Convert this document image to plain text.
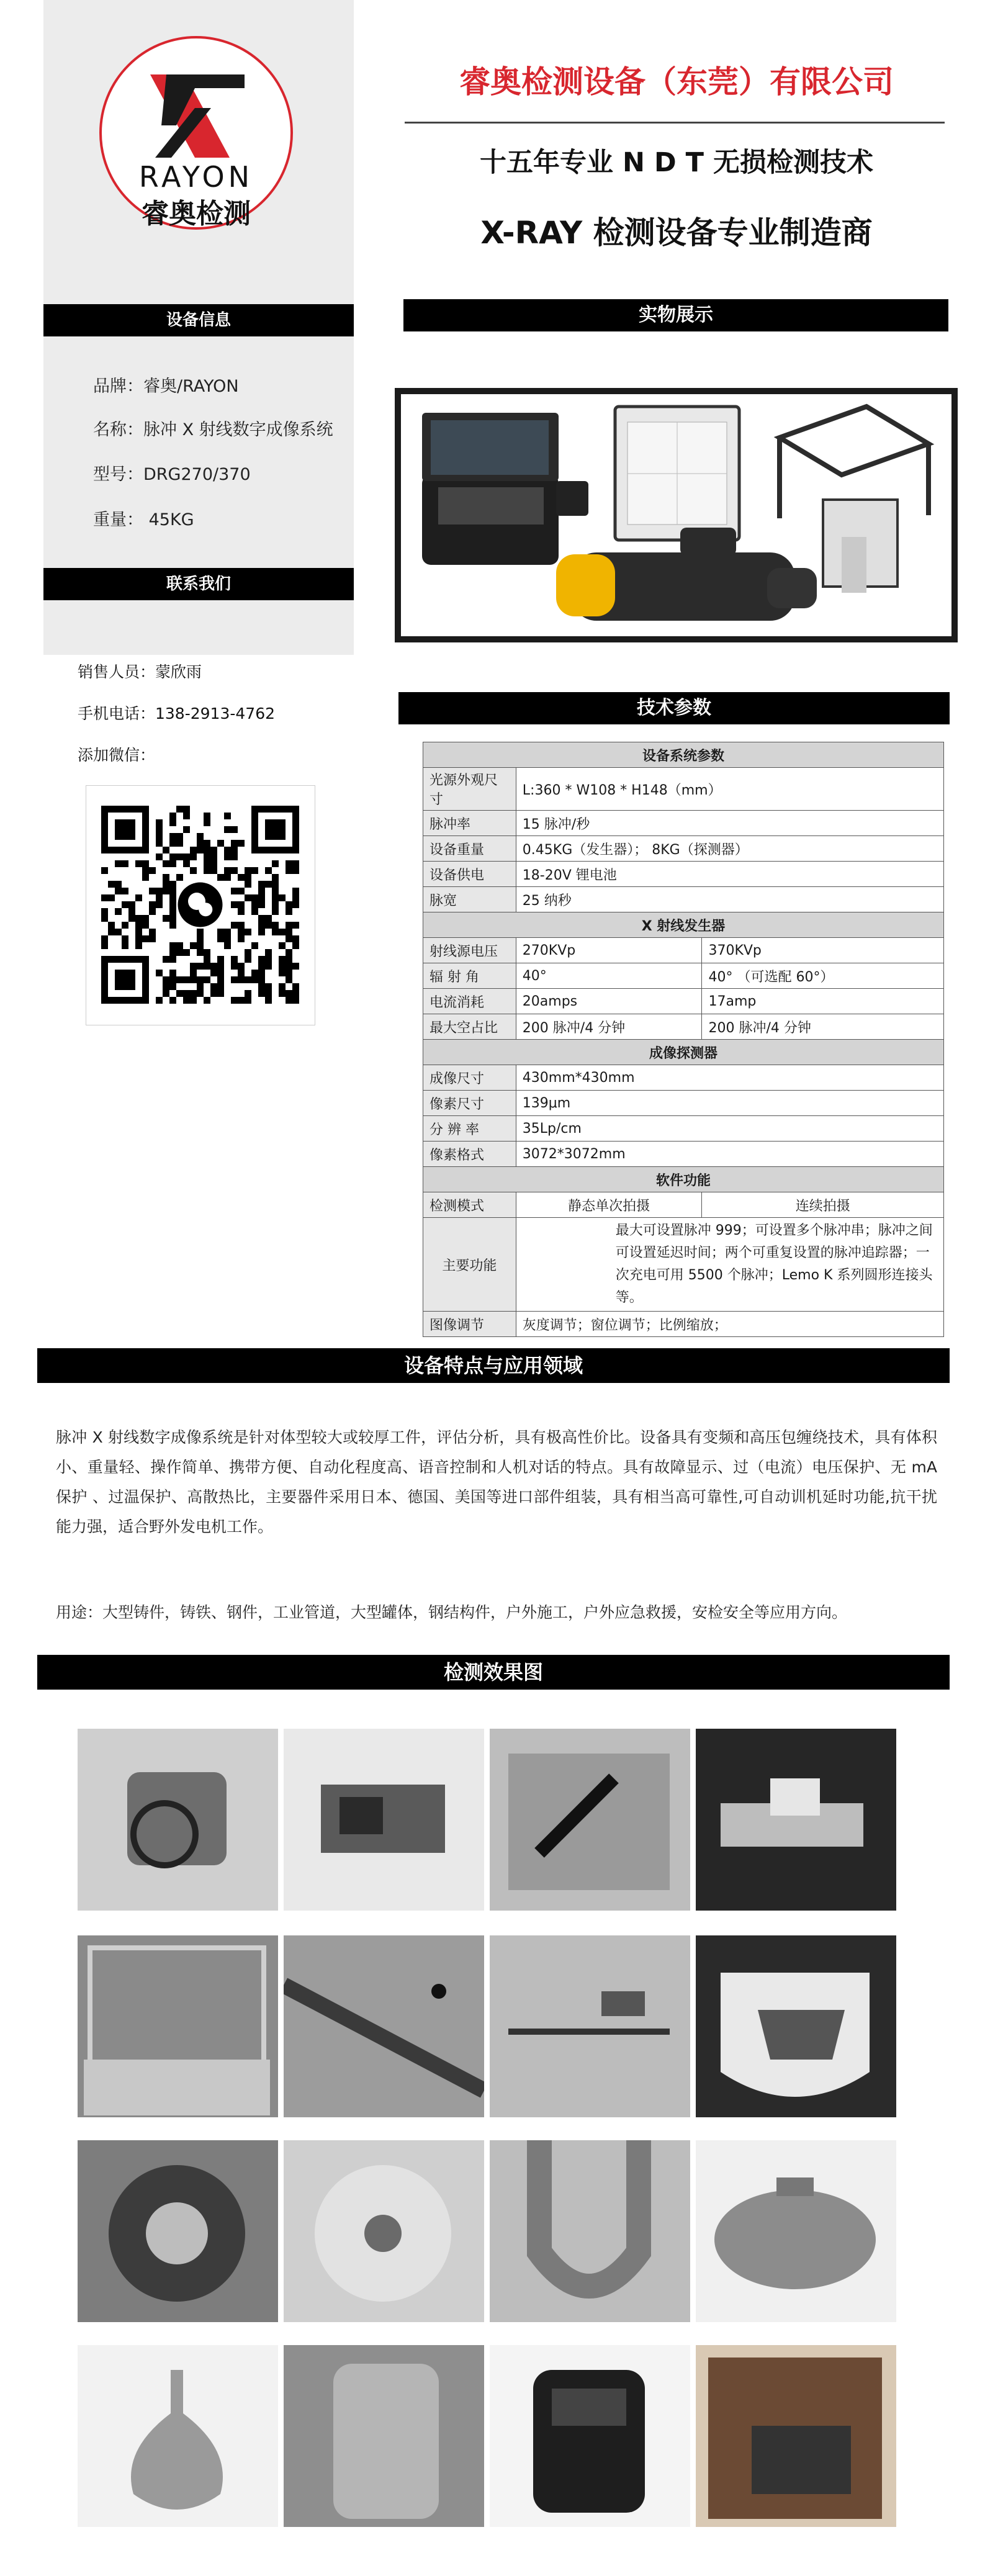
RAYON
睿奥检测
设备信息
品牌：睿奥/RAYON
名称：脉冲 X 射线数字成像系统
型号：DRG270/370
重量： 45KG
联系我们
销售人员：蒙欣雨
手机电话：138-2913-4762
添加微信：
睿奥检测设备（东莞）有限公司
十五年专业 N D T 无损检测技术
X-RAY 检测设备专业制造商
实物展示
技术参数
设备系统参数		
光源外观尺寸	L:360 * W108 * H148（mm）	
脉冲率	15 脉冲/秒	
设备重量	0.45KG（发生器）； 8KG（探测器）	
设备供电	18-20V 锂电池	
脉宽	25 纳秒	
X 射线发生器		
射线源电压	270KVp	370KVp
辐 射 角	40°	40° （可选配 60°）
电流消耗	20amps	17amp
最大空占比	200 脉冲/4 分钟	200 脉冲/4 分钟
成像探测器		
成像尺寸	430mm*430mm	
像素尺寸	139μm	
分 辨 率	35Lp/cm	
像素格式	3072*3072mm	
软件功能		
检测模式	静态单次拍摄	连续拍摄
主要功能	最大可设置脉冲 999；可设置多个脉冲串；脉冲之间可设置延迟时间；两个可重复设置的脉冲追踪器；一次充电可用 5500 个脉冲；Lemo K 系列圆形连接头等。	
图像调节	灰度调节；窗位调节；比例缩放；	
设备特点与应用领域
脉冲 X 射线数字成像系统是针对体型较大或较厚工件，评估分析，具有极高性价比。设备具有变频和高压包缠绕技术，具有体积小、重量轻、操作简单、携带方便、自动化程度高、语音控制和人机对话的特点。具有故障显示、过（电流）电压保护、无 mA 保护 、过温保护、高散热比，主要器件采用日本、德国、美国等进口部件组装，具有相当高可靠性,可自动训机延时功能,抗干扰能力强，适合野外发电机工作。
用途：大型铸件，铸铁、钢件，工业管道，大型罐体，钢结构件，户外施工，户外应急救援，安检安全等应用方向。
检测效果图
